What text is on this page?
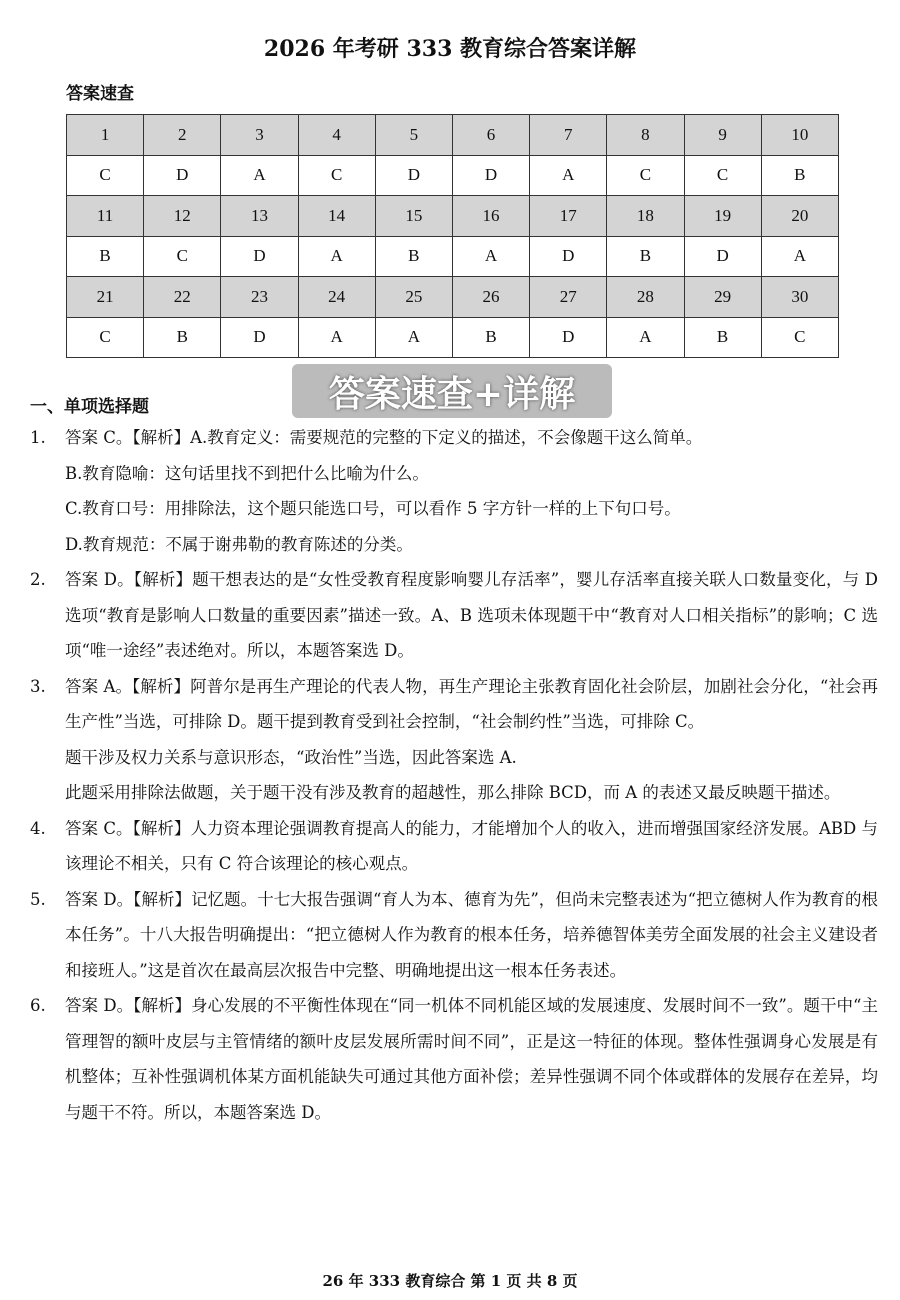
2026 年考研 333 教育综合答案详解
答案速查
1	2	3	4	5	6	7	8	9	10
C	D	A	C	D	D	A	C	C	B
11	12	13	14	15	16	17	18	19	20
B	C	D	A	B	A	D	B	D	A
21	22	23	24	25	26	27	28	29	30
C	B	D	A	A	B	D	A	B	C
答案速查+详解
一、单项选择题
1.	答案 C。【解析】A.教育定义：需要规范的完整的下定义的描述，不会像题干这么简单。
B.教育隐喻：这句话里找不到把什么比喻为什么。
C.教育口号：用排除法，这个题只能选口号，可以看作 5 字方针一样的上下句口号。
D.教育规范：不属于谢弗勒的教育陈述的分类。
2.	答案 D。【解析】题干想表达的是“女性受教育程度影响婴儿存活率”，婴儿存活率直接关联人口数量变化，与 D 选项“教育是影响人口数量的重要因素”描述一致。A、B 选项未体现题干中“教育对人口相关指标”的影响；C 选项“唯一途经”表述绝对。所以，本题答案选 D。
3.	答案 A。【解析】阿普尔是再生产理论的代表人物，再生产理论主张教育固化社会阶层，加剧社会分化，“社会再生产性”当选，可排除 D。题干提到教育受到社会控制，“社会制约性”当选，可排除 C。
题干涉及权力关系与意识形态，“政治性”当选，因此答案选 A.
此题采用排除法做题，关于题干没有涉及教育的超越性，那么排除 BCD，而 A 的表述又最反映题干描述。
4.	答案 C。【解析】人力资本理论强调教育提高人的能力，才能增加个人的收入，进而增强国家经济发展。ABD 与该理论不相关，只有 C 符合该理论的核心观点。
5.	答案 D。【解析】记忆题。十七大报告强调“育人为本、德育为先”，但尚未完整表述为“把立德树人作为教育的根本任务”。十八大报告明确提出：“把立德树人作为教育的根本任务，培养德智体美劳全面发展的社会主义建设者和接班人。”这是首次在最高层次报告中完整、明确地提出这一根本任务表述。
6.	答案 D。【解析】身心发展的不平衡性体现在“同一机体不同机能区域的发展速度、发展时间不一致”。题干中“主管理智的额叶皮层与主管情绪的额叶皮层发展所需时间不同”，正是这一特征的体现。整体性强调身心发展是有机整体；互补性强调机体某方面机能缺失可通过其他方面补偿；差异性强调不同个体或群体的发展存在差异，均与题干不符。所以，本题答案选 D。
26 年 333 教育综合 第 1 页 共 8 页
